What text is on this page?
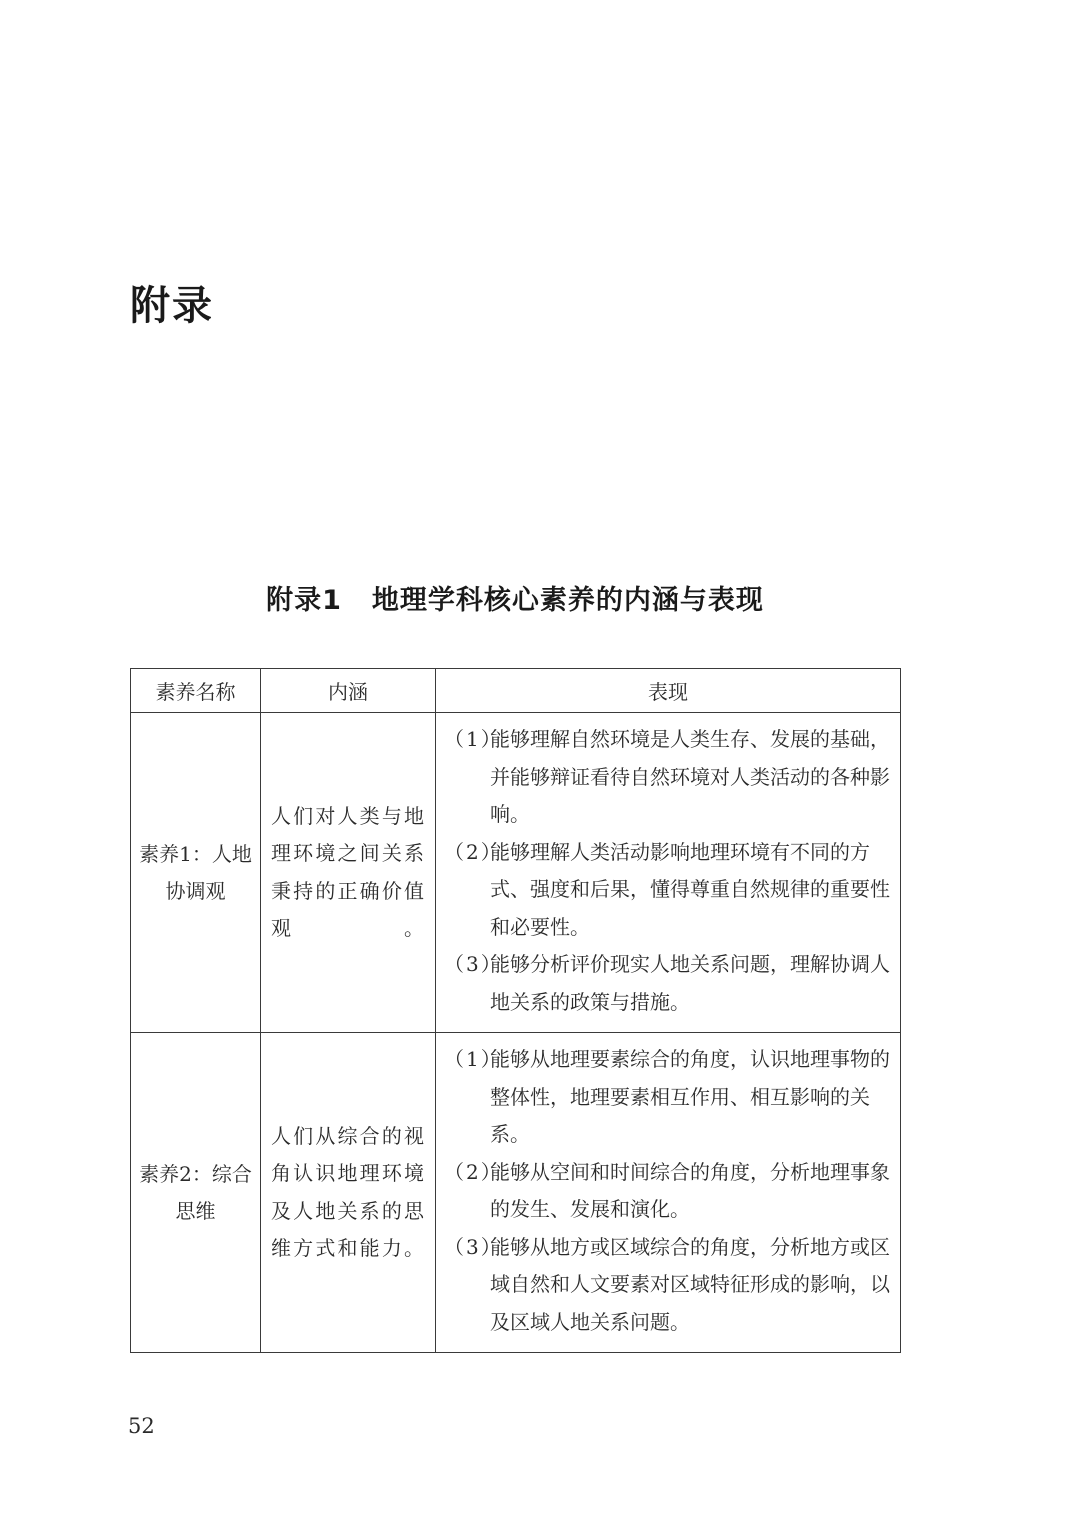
附录
附录1 地理学科核心素养的内涵与表现
素养名称	内涵	表现
素养1：人地协调观	人们对人类与地理环境之间关系秉持的正确价值观。	（1）能够理解自然环境是人类生存、发展的基础，并能够辩证看待自然环境对人类活动的各种影响。

（2）能够理解人类活动影响地理环境有不同的方式、强度和后果，懂得尊重自然规律的重要性和必要性。

（3）能够分析评价现实人地关系问题，理解协调人地关系的政策与措施。

素养2：综合思维	人们从综合的视角认识地理环境及人地关系的思维方式和能力。	（1）能够从地理要素综合的角度，认识地理事物的整体性，地理要素相互作用、相互影响的关系。

（2）能够从空间和时间综合的角度，分析地理事象的发生、发展和演化。

（3）能够从地方或区域综合的角度，分析地方或区域自然和人文要素对区域特征形成的影响，以及区域人地关系问题。

52
